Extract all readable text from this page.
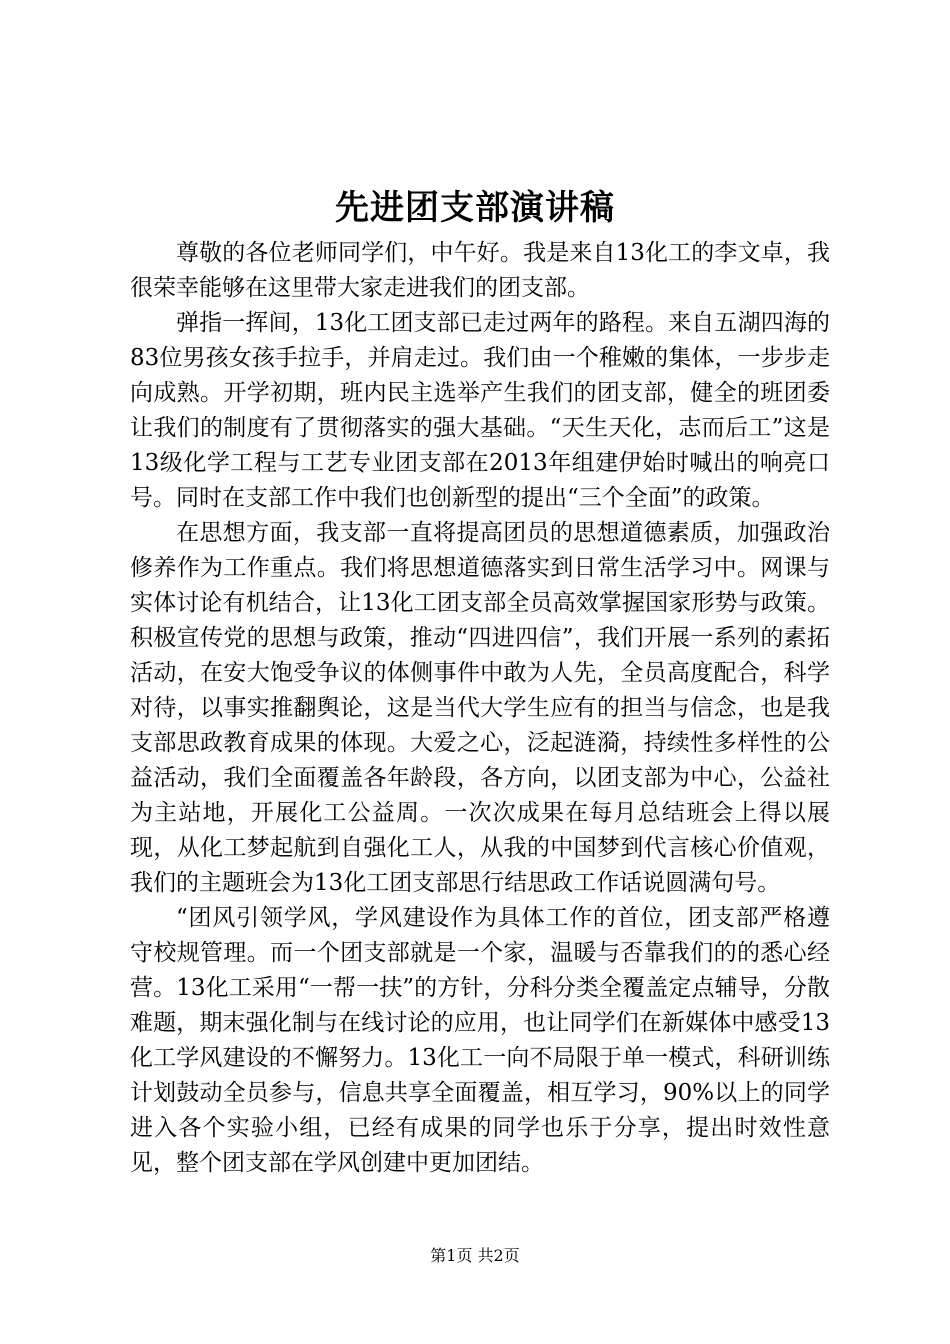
先进团支部演讲稿

尊敬的各位老师同学们，中午好。我是来自13化工的李文卓，我很荣幸能够在这里带大家走进我们的团支部。

弹指一挥间，13化工团支部已走过两年的路程。来自五湖四海的83位男孩女孩手拉手，并肩走过。我们由一个稚嫩的集体，一步步走向成熟。开学初期，班内民主选举产生我们的团支部，健全的班团委让我们的制度有了贯彻落实的强大基础。“天生天化，志而后工”这是13级化学工程与工艺专业团支部在2013年组建伊始时喊出的响亮口号。同时在支部工作中我们也创新型的提出“三个全面”的政策。

在思想方面，我支部一直将提高团员的思想道德素质，加强政治修养作为工作重点。我们将思想道德落实到日常生活学习中。网课与实体讨论有机结合，让13化工团支部全员高效掌握国家形势与政策。积极宣传党的思想与政策，推动“四进四信”，我们开展一系列的素拓活动，在安大饱受争议的体侧事件中敢为人先，全员高度配合，科学对待，以事实推翻舆论，这是当代大学生应有的担当与信念，也是我支部思政教育成果的体现。大爱之心，泛起涟漪，持续性多样性的公益活动，我们全面覆盖各年龄段，各方向，以团支部为中心，公益社为主站地，开展化工公益周。一次次成果在每月总结班会上得以展现，从化工梦起航到自强化工人，从我的中国梦到代言核心价值观，我们的主题班会为13化工团支部思行结思政工作话说圆满句号。

“团风引领学风，学风建设作为具体工作的首位，团支部严格遵守校规管理。而一个团支部就是一个家，温暖与否靠我们的的悉心经营。13化工采用“一帮一扶”的方针，分科分类全覆盖定点辅导，分散难题，期末强化制与在线讨论的应用，也让同学们在新媒体中感受13化工学风建设的不懈努力。13化工一向不局限于单一模式，科研训练计划鼓动全员参与，信息共享全面覆盖，相互学习，90%以上的同学进入各个实验小组，已经有成果的同学也乐于分享，提出时效性意见，整个团支部在学风创建中更加团结。

第1页 共2页
